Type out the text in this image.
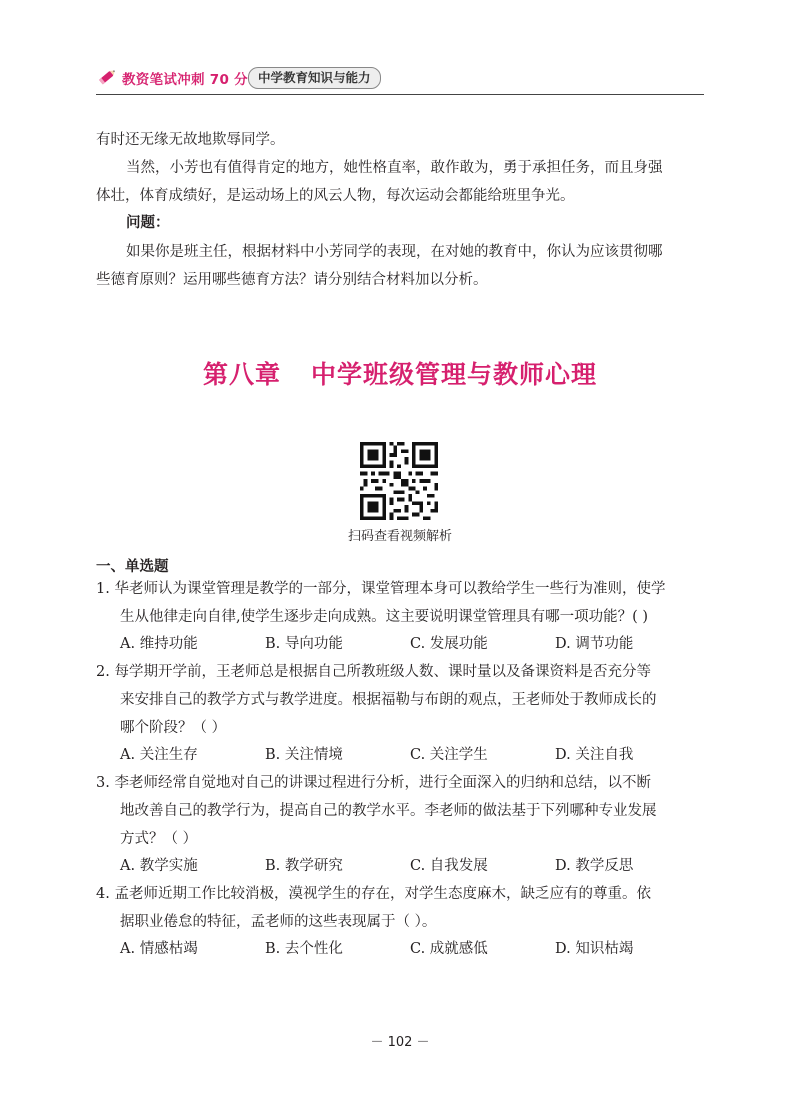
教资笔试冲刺 70 分 中学教育知识与能力
有时还无缘无故地欺辱同学。
当然，小芳也有值得肯定的地方，她性格直率，敢作敢为，勇于承担任务，而且身强
体壮，体育成绩好，是运动场上的风云人物，每次运动会都能给班里争光。
问题：
如果你是班主任，根据材料中小芳同学的表现，在对她的教育中，你认为应该贯彻哪
些德育原则？运用哪些德育方法？请分别结合材料加以分析。
第八章 中学班级管理与教师心理
扫码查看视频解析
一、单选题
1. 华老师认为课堂管理是教学的一部分，课堂管理本身可以教给学生一些行为准则，使学
生从他律走向自律,使学生逐步走向成熟。这主要说明课堂管理具有哪一项功能？( )
A. 维持功能	B. 导向功能	C. 发展功能	D. 调节功能
2. 每学期开学前，王老师总是根据自己所教班级人数、课时量以及备课资料是否充分等
来安排自己的教学方式与教学进度。根据福勒与布朗的观点，王老师处于教师成长的
哪个阶段？（ ）
A. 关注生存	B. 关注情境	C. 关注学生	D. 关注自我
3. 李老师经常自觉地对自己的讲课过程进行分析，进行全面深入的归纳和总结，以不断
地改善自己的教学行为，提高自己的教学水平。李老师的做法基于下列哪种专业发展
方式？（ ）
A. 教学实施	B. 教学研究	C. 自我发展	D. 教学反思
4. 孟老师近期工作比较消极，漠视学生的存在，对学生态度麻木，缺乏应有的尊重。依
据职业倦怠的特征，孟老师的这些表现属于（ ）。
A. 情感枯竭	B. 去个性化	C. 成就感低	D. 知识枯竭
－ 102 －
